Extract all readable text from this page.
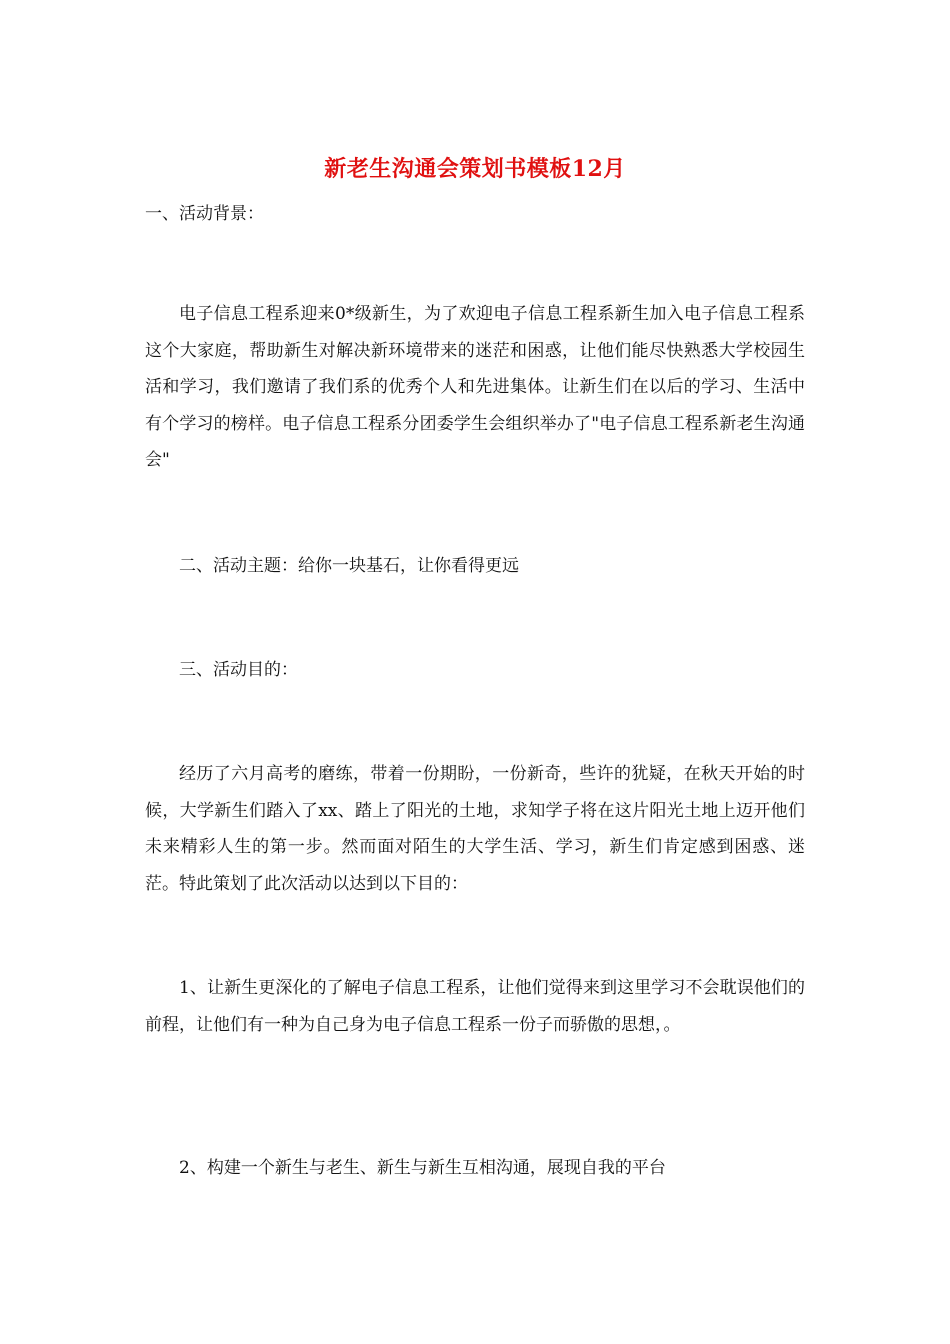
新老生沟通会策划书模板12月

一、活动背景：

电子信息工程系迎来0*级新生，为了欢迎电子信息工程系新生加入电子信息工程系这个大家庭，帮助新生对解决新环境带来的迷茫和困惑，让他们能尽快熟悉大学校园生活和学习，我们邀请了我们系的优秀个人和先进集体。让新生们在以后的学习、生活中有个学习的榜样。电子信息工程系分团委学生会组织举办了"电子信息工程系新老生沟通会"

二、活动主题：给你一块基石，让你看得更远

三、活动目的：

经历了六月高考的磨练，带着一份期盼，一份新奇，些许的犹疑，在秋天开始的时候，大学新生们踏入了xx、踏上了阳光的土地，求知学子将在这片阳光土地上迈开他们未来精彩人生的第一步。然而面对陌生的大学生活、学习，新生们肯定感到困惑、迷茫。特此策划了此次活动以达到以下目的：

1、让新生更深化的了解电子信息工程系，让他们觉得来到这里学习不会耽误他们的前程，让他们有一种为自己身为电子信息工程系一份子而骄傲的思想，。

2、构建一个新生与老生、新生与新生互相沟通，展现自我的平台
